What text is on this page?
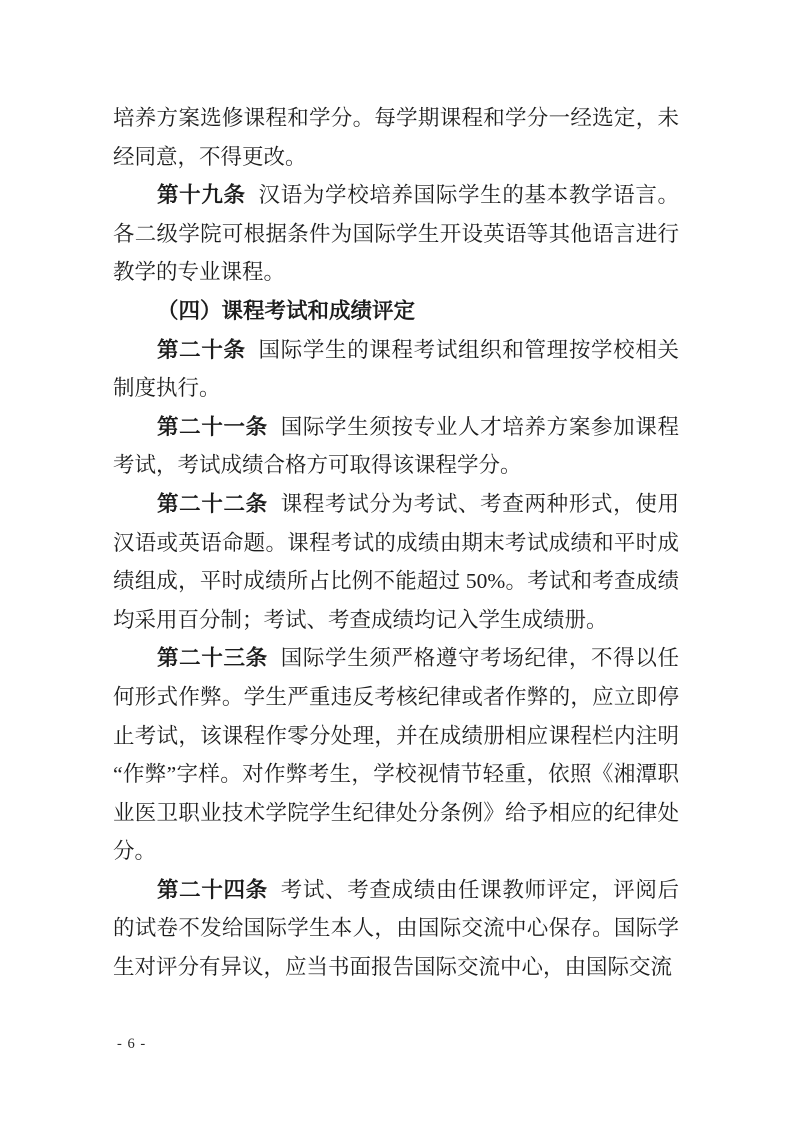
培养方案选修课程和学分。每学期课程和学分一经选定，未经同意，不得更改。

第十九条 汉语为学校培养国际学生的基本教学语言。各二级学院可根据条件为国际学生开设英语等其他语言进行教学的专业课程。

（四）课程考试和成绩评定

第二十条 国际学生的课程考试组织和管理按学校相关制度执行。

第二十一条 国际学生须按专业人才培养方案参加课程考试，考试成绩合格方可取得该课程学分。

第二十二条 课程考试分为考试、考查两种形式，使用汉语或英语命题。课程考试的成绩由期末考试成绩和平时成绩组成，平时成绩所占比例不能超过 50%。考试和考查成绩均采用百分制；考试、考查成绩均记入学生成绩册。

第二十三条 国际学生须严格遵守考场纪律，不得以任何形式作弊。学生严重违反考核纪律或者作弊的，应立即停止考试，该课程作零分处理，并在成绩册相应课程栏内注明“作弊”字样。对作弊考生，学校视情节轻重，依照《湘潭职业医卫职业技术学院学生纪律处分条例》给予相应的纪律处分。

第二十四条 考试、考查成绩由任课教师评定，评阅后的试卷不发给国际学生本人，由国际交流中心保存。国际学生对评分有异议，应当书面报告国际交流中心，由国际交流

- 6 -
